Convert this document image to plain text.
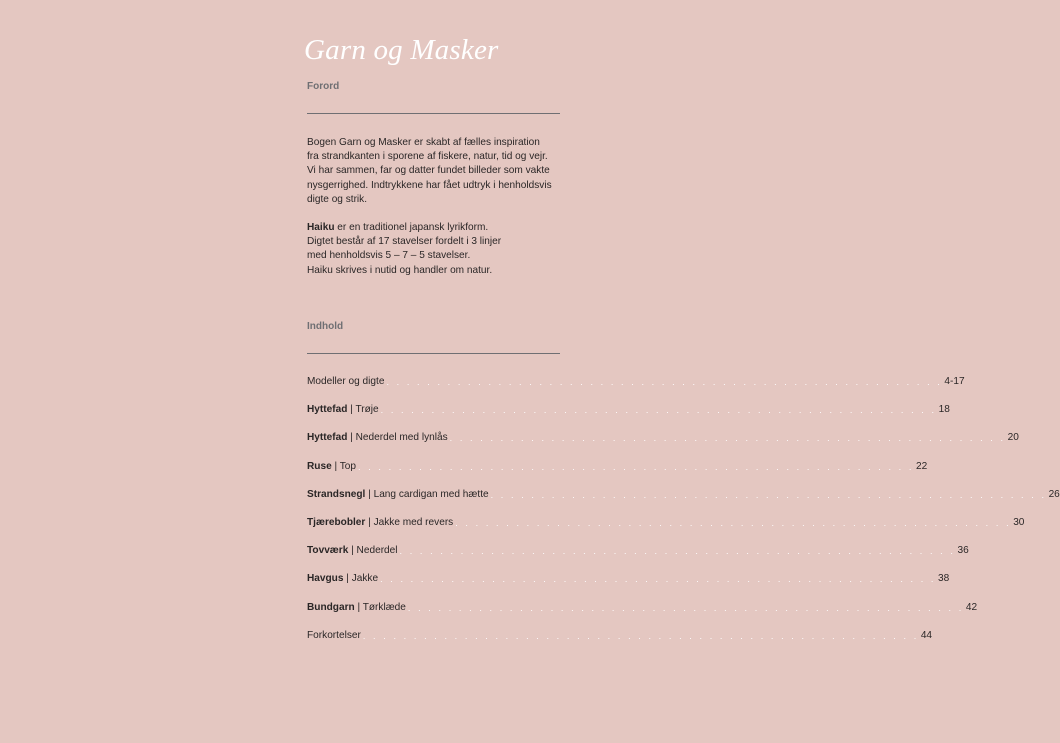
Garn og Masker
Forord

Bogen Garn og Masker er skabt af fælles inspiration

fra strandkanten i sporene af fiskere, natur, tid og vejr.

Vi har sammen, far og datter fundet billeder som vakte

nysgerrighed. Indtrykkene har fået udtryk i henholdsvis

digte og strik.

Haiku er en traditionel japansk lyrikform.

Digtet består af 17 stavelser fordelt i 3 linjer

med henholdsvis 5 – 7 – 5 stavelser.

Haiku skrives i nutid og handler om natur.

Indhold
Modeller og digte . . . . . . . . . . . . . . . . . . . . . . . . . . . . . . . . . . . . . . . . . . . . . . . . . . . . . . . 4-17
Hyttefad | Trøje . . . . . . . . . . . . . . . . . . . . . . . . . . . . . . . . . . . . . . . . . . . . . . . . . . . . . . . 18
Hyttefad | Nederdel med lynlås . . . . . . . . . . . . . . . . . . . . . . . . . . . . . . . . . . . . . . . . . . . . . . . . . . . . . . . 20
Ruse | Top . . . . . . . . . . . . . . . . . . . . . . . . . . . . . . . . . . . . . . . . . . . . . . . . . . . . . . . 22
Strandsnegl | Lang cardigan med hætte . . . . . . . . . . . . . . . . . . . . . . . . . . . . . . . . . . . . . . . . . . . . . . . . . . . . . . . 26
Tjærebobler | Jakke med revers . . . . . . . . . . . . . . . . . . . . . . . . . . . . . . . . . . . . . . . . . . . . . . . . . . . . . . . 30
Tovværk | Nederdel . . . . . . . . . . . . . . . . . . . . . . . . . . . . . . . . . . . . . . . . . . . . . . . . . . . . . . . 36
Havgus | Jakke . . . . . . . . . . . . . . . . . . . . . . . . . . . . . . . . . . . . . . . . . . . . . . . . . . . . . . . 38
Bundgarn | Tørklæde . . . . . . . . . . . . . . . . . . . . . . . . . . . . . . . . . . . . . . . . . . . . . . . . . . . . . . . 42
Forkortelser . . . . . . . . . . . . . . . . . . . . . . . . . . . . . . . . . . . . . . . . . . . . . . . . . . . . . . . 44
